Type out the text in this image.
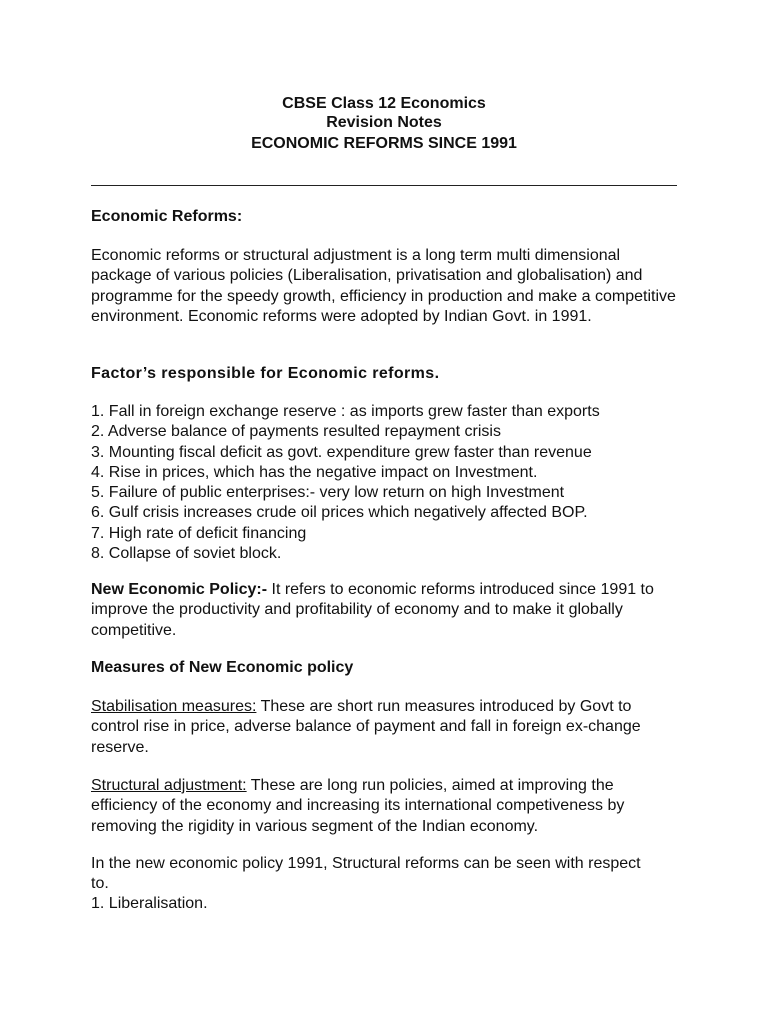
CBSE Class 12 Economics
Revision Notes
ECONOMIC REFORMS SINCE 1991
Economic Reforms:

Economic reforms or structural adjustment is a long term multi dimensional package of various policies (Liberalisation, privatisation and globalisation) and programme for the speedy growth, efficiency in production and make a competitive environment. Economic reforms were adopted by Indian Govt. in 1991.

Factor’s responsible for Economic reforms.
1. Fall in foreign exchange reserve : as imports grew faster than exports
2. Adverse balance of payments resulted repayment crisis
3. Mounting fiscal deficit as govt. expenditure grew faster than revenue
4. Rise in prices, which has the negative impact on Investment.
5. Failure of public enterprises:- very low return on high Investment
6. Gulf crisis increases crude oil prices which negatively affected BOP.
7. High rate of deficit financing
8. Collapse of soviet block.

New Economic Policy:- It refers to economic reforms introduced since 1991 to improve the productivity and profitability of economy and to make it globally competitive.

Measures of New Economic policy

Stabilisation measures: These are short run measures introduced by Govt to control rise in price, adverse balance of payment and fall in foreign ex-change reserve.

Structural adjustment: These are long run policies, aimed at improving the efficiency of the economy and increasing its international competiveness by removing the rigidity in various segment of the Indian economy.

In the new economic policy 1991, Structural reforms can be seen with respect to.

1. Liberalisation.
